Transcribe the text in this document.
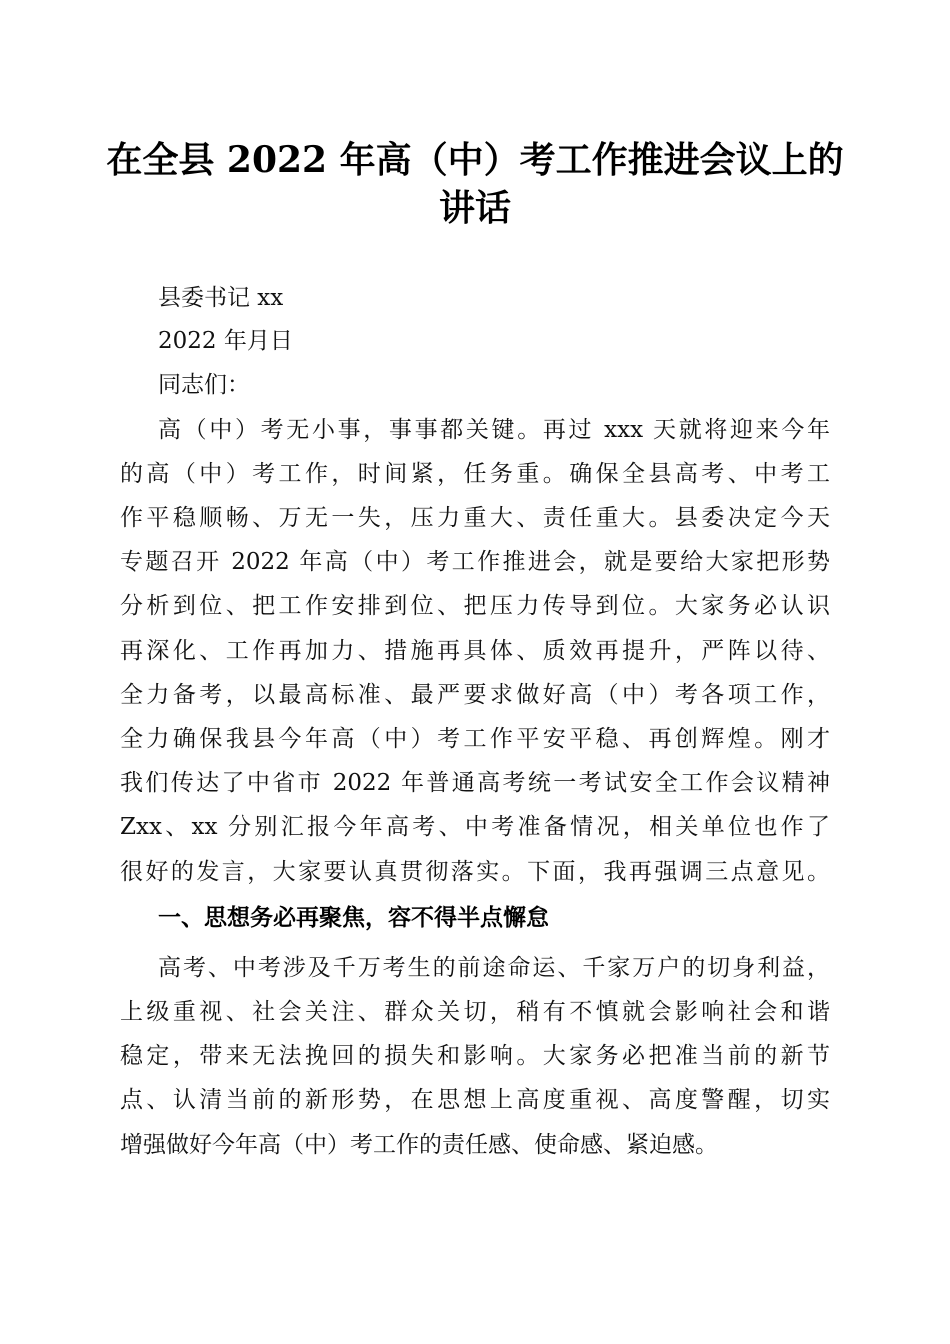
在全县 2022 年高（中）考工作推进会议上的
讲话

县委书记 xx

2022 年月日

同志们：

高（中）考无小事，事事都关键。再过 xxx 天就将迎来今年

的高（中）考工作，时间紧，任务重。确保全县高考、中考工

作平稳顺畅、万无一失，压力重大、责任重大。县委决定今天

专题召开 2022 年高（中）考工作推进会，就是要给大家把形势

分析到位、把工作安排到位、把压力传导到位。大家务必认识

再深化、工作再加力、措施再具体、质效再提升，严阵以待、

全力备考，以最高标准、最严要求做好高（中）考各项工作，

全力确保我县今年高（中）考工作平安平稳、再创辉煌。刚才

我们传达了中省市 2022 年普通高考统一考试安全工作会议精神

Zxx、xx 分别汇报今年高考、中考准备情况，相关单位也作了

很好的发言，大家要认真贯彻落实。下面，我再强调三点意见。

一、思想务必再聚焦，容不得半点懈怠

高考、中考涉及千万考生的前途命运、千家万户的切身利益，

上级重视、社会关注、群众关切，稍有不慎就会影响社会和谐

稳定，带来无法挽回的损失和影响。大家务必把准当前的新节

点、认清当前的新形势，在思想上高度重视、高度警醒，切实

增强做好今年高（中）考工作的责任感、使命感、紧迫感。
